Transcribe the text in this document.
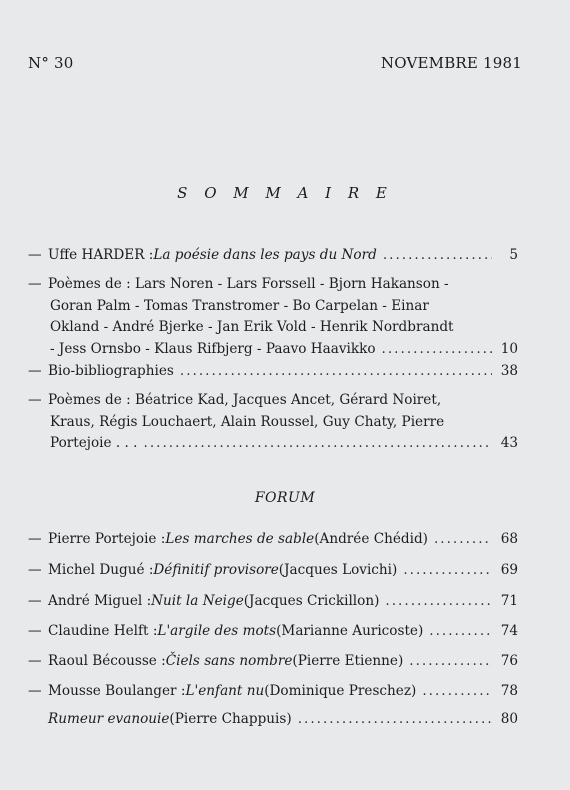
N° 30	NOVEMBRE 1981
S O M M A I R E
— Uffe HARDER : La poésie dans les pays du Nord .....	5
— Poèmes de : Lars Noren - Lars Forssell - Bjorn Hakanson -
Goran Palm - Tomas Transtromer - Bo Carpelan - Einar
Okland - André Bjerke - Jan Erik Vold - Henrik Nordbrandt
- Jess Ornsbo - Klaus Rifbjerg - Paavo Haavikko .....	10
— Bio-bibliographies .....	38
— Poèmes de : Béatrice Kad, Jacques Ancet, Gérard Noiret,
Kraus, Régis Louchaert, Alain Roussel, Guy Chaty, Pierre
Portejoie . . . .....	43
FORUM
— Pierre Portejoie : Les marches de sable (Andrée Chédid) .....	68
— Michel Dugué : Définitif provisore (Jacques Lovichi) .....	69
— André Miguel : Nuit la Neige (Jacques Crickillon) .....	71
— Claudine Helft : L'argile des mots (Marianne Auricoste) .....	74
— Raoul Bécousse : Čiels sans nombre (Pierre Etienne) .....	76
— Mousse Boulanger : L'enfant nu (Dominique Preschez) .....	78
Rumeur evanouie (Pierre Chappuis) .....	80
